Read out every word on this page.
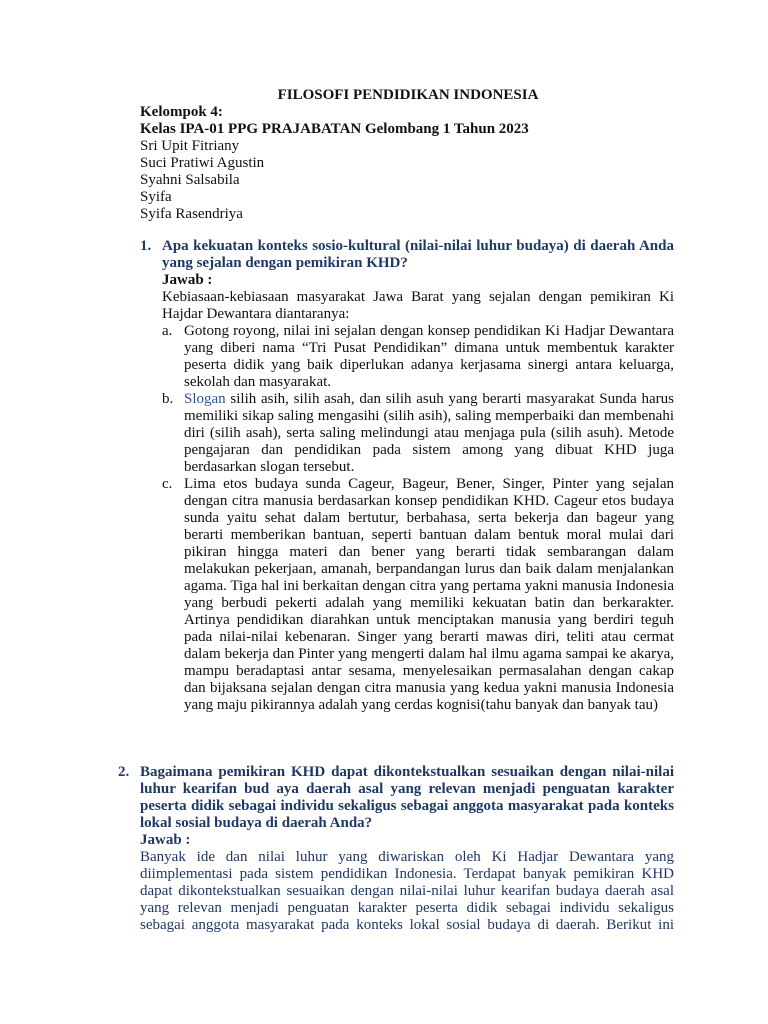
FILOSOFI PENDIDIKAN INDONESIA
Kelompok 4:
Kelas IPA-01 PPG PRAJABATAN Gelombang 1 Tahun 2023
Sri Upit Fitriany
Suci Pratiwi Agustin
Syahni Salsabila
Syifa
Syifa Rasendriya
1. Apa kekuatan konteks sosio-kultural (nilai-nilai luhur budaya) di daerah Anda yang sejalan dengan pemikiran KHD?
Jawab :
Kebiasaan-kebiasaan masyarakat Jawa Barat yang sejalan dengan pemikiran Ki Hajdar Dewantara diantaranya:
a. Gotong royong, nilai ini sejalan dengan konsep pendidikan Ki Hadjar Dewantara yang diberi nama “Tri Pusat Pendidikan” dimana untuk membentuk karakter peserta didik yang baik diperlukan adanya kerjasama sinergi antara keluarga, sekolah dan masyarakat.
b. Slogan silih asih, silih asah, dan silih asuh yang berarti masyarakat Sunda harus memiliki sikap saling mengasihi (silih asih), saling memperbaiki dan membenahi diri (silih asah), serta saling melindungi atau menjaga pula (silih asuh). Metode pengajaran dan pendidikan pada sistem among yang dibuat KHD juga berdasarkan slogan tersebut.
c. Lima etos budaya sunda Cageur, Bageur, Bener, Singer, Pinter yang sejalan dengan citra manusia berdasarkan konsep pendidikan KHD. Cageur etos budaya sunda yaitu sehat dalam bertutur, berbahasa, serta bekerja dan bageur yang berarti memberikan bantuan, seperti bantuan dalam bentuk moral mulai dari pikiran hingga materi dan bener yang berarti tidak sembarangan dalam melakukan pekerjaan, amanah, berpandangan lurus dan baik dalam menjalankan agama. Tiga hal ini berkaitan dengan citra yang pertama yakni manusia Indonesia yang berbudi pekerti adalah yang memiliki kekuatan batin dan berkarakter. Artinya pendidikan diarahkan untuk menciptakan manusia yang berdiri teguh pada nilai-nilai kebenaran. Singer yang berarti mawas diri, teliti atau cermat dalam bekerja dan Pinter yang mengerti dalam hal ilmu agama sampai ke akarya, mampu beradaptasi antar sesama, menyelesaikan permasalahan dengan cakap dan bijaksana sejalan dengan citra manusia yang kedua yakni manusia Indonesia yang maju pikirannya adalah yang cerdas kognisi(tahu banyak dan banyak tau)
2. Bagaimana pemikiran KHD dapat dikontekstualkan sesuaikan dengan nilai-nilai luhur kearifan bud aya daerah asal yang relevan menjadi penguatan karakter peserta didik sebagai individu sekaligus sebagai anggota masyarakat pada konteks lokal sosial budaya di daerah Anda?
Jawab :
Banyak ide dan nilai luhur yang diwariskan oleh Ki Hadjar Dewantara yang diimplementasi pada sistem pendidikan Indonesia. Terdapat banyak pemikiran KHD dapat dikontekstualkan sesuaikan dengan nilai-nilai luhur kearifan budaya daerah asal yang relevan menjadi penguatan karakter peserta didik sebagai individu sekaligus sebagai anggota masyarakat pada konteks lokal sosial budaya di daerah. Berikut ini
